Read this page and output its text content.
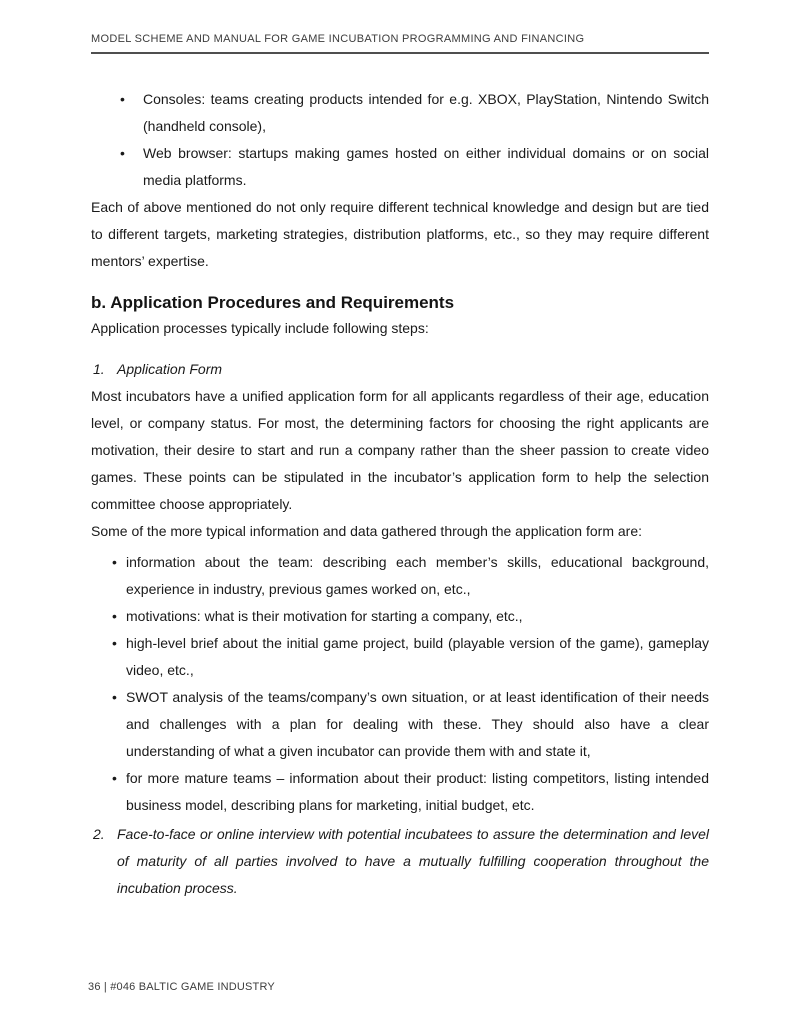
MODEL SCHEME AND MANUAL FOR GAME INCUBATION PROGRAMMING AND FINANCING
•
Consoles: teams creating products intended for e.g. XBOX, PlayStation, Nintendo Switch (handheld console),
•
Web browser: startups making games hosted on either individual domains or on social media platforms.

Each of above mentioned do not only require different technical knowledge and design but are tied to different targets, marketing strategies, distribution platforms, etc., so they may require different mentors’ expertise.

b. Application Procedures and Requirements

Application processes typically include following steps:

1. Application Form

Most incubators have a unified application form for all applicants regardless of their age, education level, or company status. For most, the determining factors for choosing the right applicants are motivation, their desire to start and run a company rather than the sheer passion to create video games. These points can be stipulated in the incubator’s application form to help the selection committee choose appropriately.

Some of the more typical information and data gathered through the application form are:

•
information about the team: describing each member’s skills, educational background, experience in industry, previous games worked on, etc.,
•
motivations: what is their motivation for starting a company, etc.,
•
high-level brief about the initial game project, build (playable version of the game), gameplay video, etc.,
•
SWOT analysis of the teams/company’s own situation, or at least identification of their needs and challenges with a plan for dealing with these. They should also have a clear understanding of what a given incubator can provide them with and state it,
•
for more mature teams – information about their product: listing competitors, listing intended business model, describing plans for marketing, initial budget, etc.
2. Face-to-face or online interview with potential incubatees to assure the determination and level of maturity of all parties involved to have a mutually fulfilling cooperation throughout the incubation process.
36 | #046 BALTIC GAME INDUSTRY
